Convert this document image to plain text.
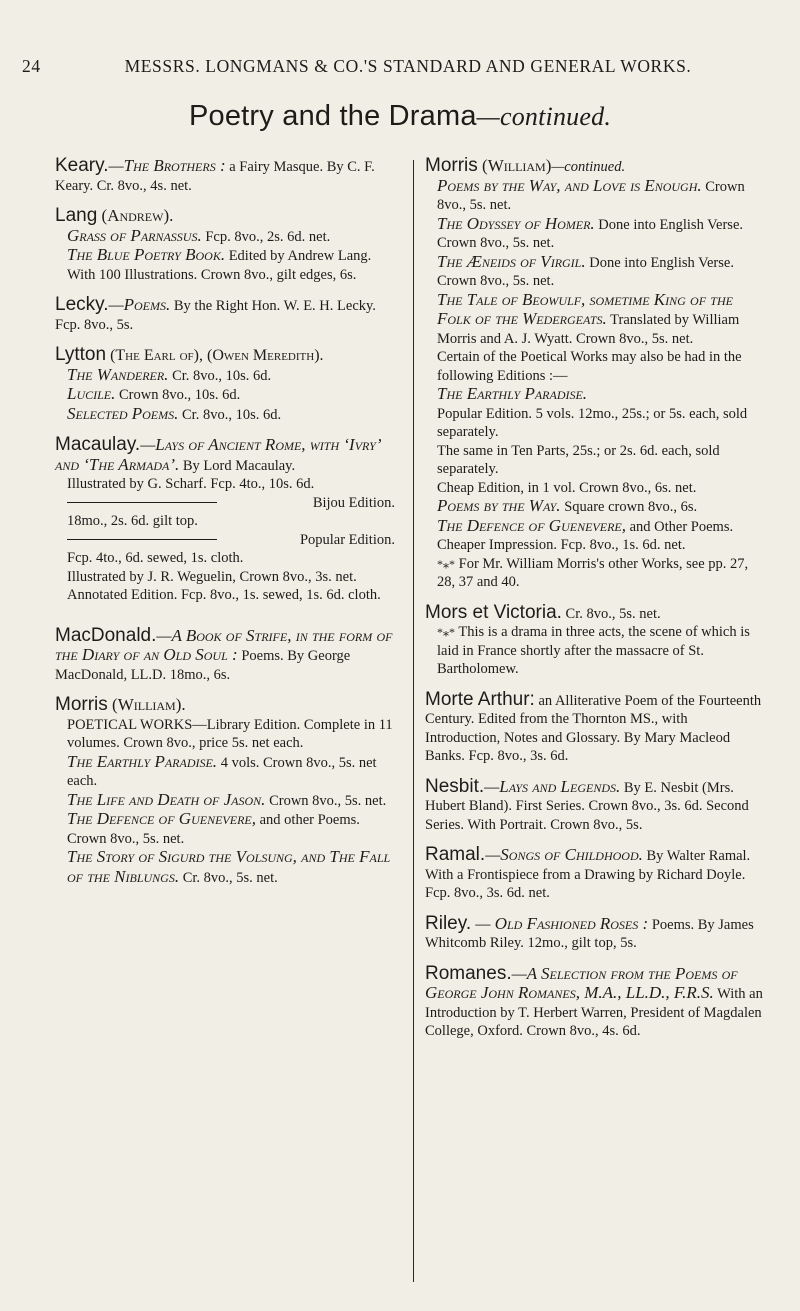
24	MESSRS. LONGMANS & CO.'S STANDARD AND GENERAL WORKS.
Poetry and the Drama—continued.

Keary.—The Brothers : a Fairy Masque. By C. F. Keary. Cr. 8vo., 4s. net.

Lang (Andrew).

Grass of Parnassus. Fcp. 8vo., 2s. 6d. net.

The Blue Poetry Book. Edited by Andrew Lang. With 100 Illustrations. Crown 8vo., gilt edges, 6s.

Lecky.—Poems. By the Right Hon. W. E. H. Lecky. Fcp. 8vo., 5s.

Lytton (The Earl of), (Owen Meredith).

The Wanderer. Cr. 8vo., 10s. 6d.

Lucile. Crown 8vo., 10s. 6d.

Selected Poems. Cr. 8vo., 10s. 6d.

Macaulay.—Lays of Ancient Rome, with ‘Ivry’ and ‘The Armada’. By Lord Macaulay.

Illustrated by G. Scharf. Fcp. 4to., 10s. 6d.

Bijou Edition.

18mo., 2s. 6d. gilt top.

Popular Edition.

Fcp. 4to., 6d. sewed, 1s. cloth.

Illustrated by J. R. Weguelin, Crown 8vo., 3s. net.

Annotated Edition. Fcp. 8vo., 1s. sewed, 1s. 6d. cloth.

MacDonald.—A Book of Strife, in the form of the Diary of an Old Soul : Poems. By George MacDonald, LL.D. 18mo., 6s.

Morris (William).

POETICAL WORKS—Library Edition. Complete in 11 volumes. Crown 8vo., price 5s. net each.

The Earthly Paradise. 4 vols. Crown 8vo., 5s. net each.

The Life and Death of Jason. Crown 8vo., 5s. net.

The Defence of Guenevere, and other Poems. Crown 8vo., 5s. net.

The Story of Sigurd the Volsung, and The Fall of the Niblungs. Cr. 8vo., 5s. net.

Morris (William)—continued.

Poems by the Way, and Love is Enough. Crown 8vo., 5s. net.

The Odyssey of Homer. Done into English Verse. Crown 8vo., 5s. net.

The Æneids of Virgil. Done into English Verse. Crown 8vo., 5s. net.

The Tale of Beowulf, sometime King of the Folk of the Wedergeats. Translated by William Morris and A. J. Wyatt. Crown 8vo., 5s. net.

Certain of the Poetical Works may also be had in the following Editions :—

The Earthly Paradise.

Popular Edition. 5 vols. 12mo., 25s.; or 5s. each, sold separately.

The same in Ten Parts, 25s.; or 2s. 6d. each, sold separately.

Cheap Edition, in 1 vol. Crown 8vo., 6s. net.

Poems by the Way. Square crown 8vo., 6s.

The Defence of Guenevere, and Other Poems. Cheaper Impression. Fcp. 8vo., 1s. 6d. net.

*⁎* For Mr. William Morris's other Works, see pp. 27, 28, 37 and 40.

Mors et Victoria. Cr. 8vo., 5s. net.

*⁎* This is a drama in three acts, the scene of which is laid in France shortly after the massacre of St. Bartholomew.

Morte Arthur: an Alliterative Poem of the Fourteenth Century. Edited from the Thornton MS., with Introduction, Notes and Glossary. By Mary Macleod Banks. Fcp. 8vo., 3s. 6d.

Nesbit.—Lays and Legends. By E. Nesbit (Mrs. Hubert Bland). First Series. Crown 8vo., 3s. 6d. Second Series. With Portrait. Crown 8vo., 5s.

Ramal.—Songs of Childhood. By Walter Ramal. With a Frontispiece from a Drawing by Richard Doyle. Fcp. 8vo., 3s. 6d. net.

Riley. — Old Fashioned Roses : Poems. By James Whitcomb Riley. 12mo., gilt top, 5s.

Romanes.—A Selection from the Poems of George John Romanes, M.A., LL.D., F.R.S. With an Introduction by T. Herbert Warren, President of Magdalen College, Oxford. Crown 8vo., 4s. 6d.
